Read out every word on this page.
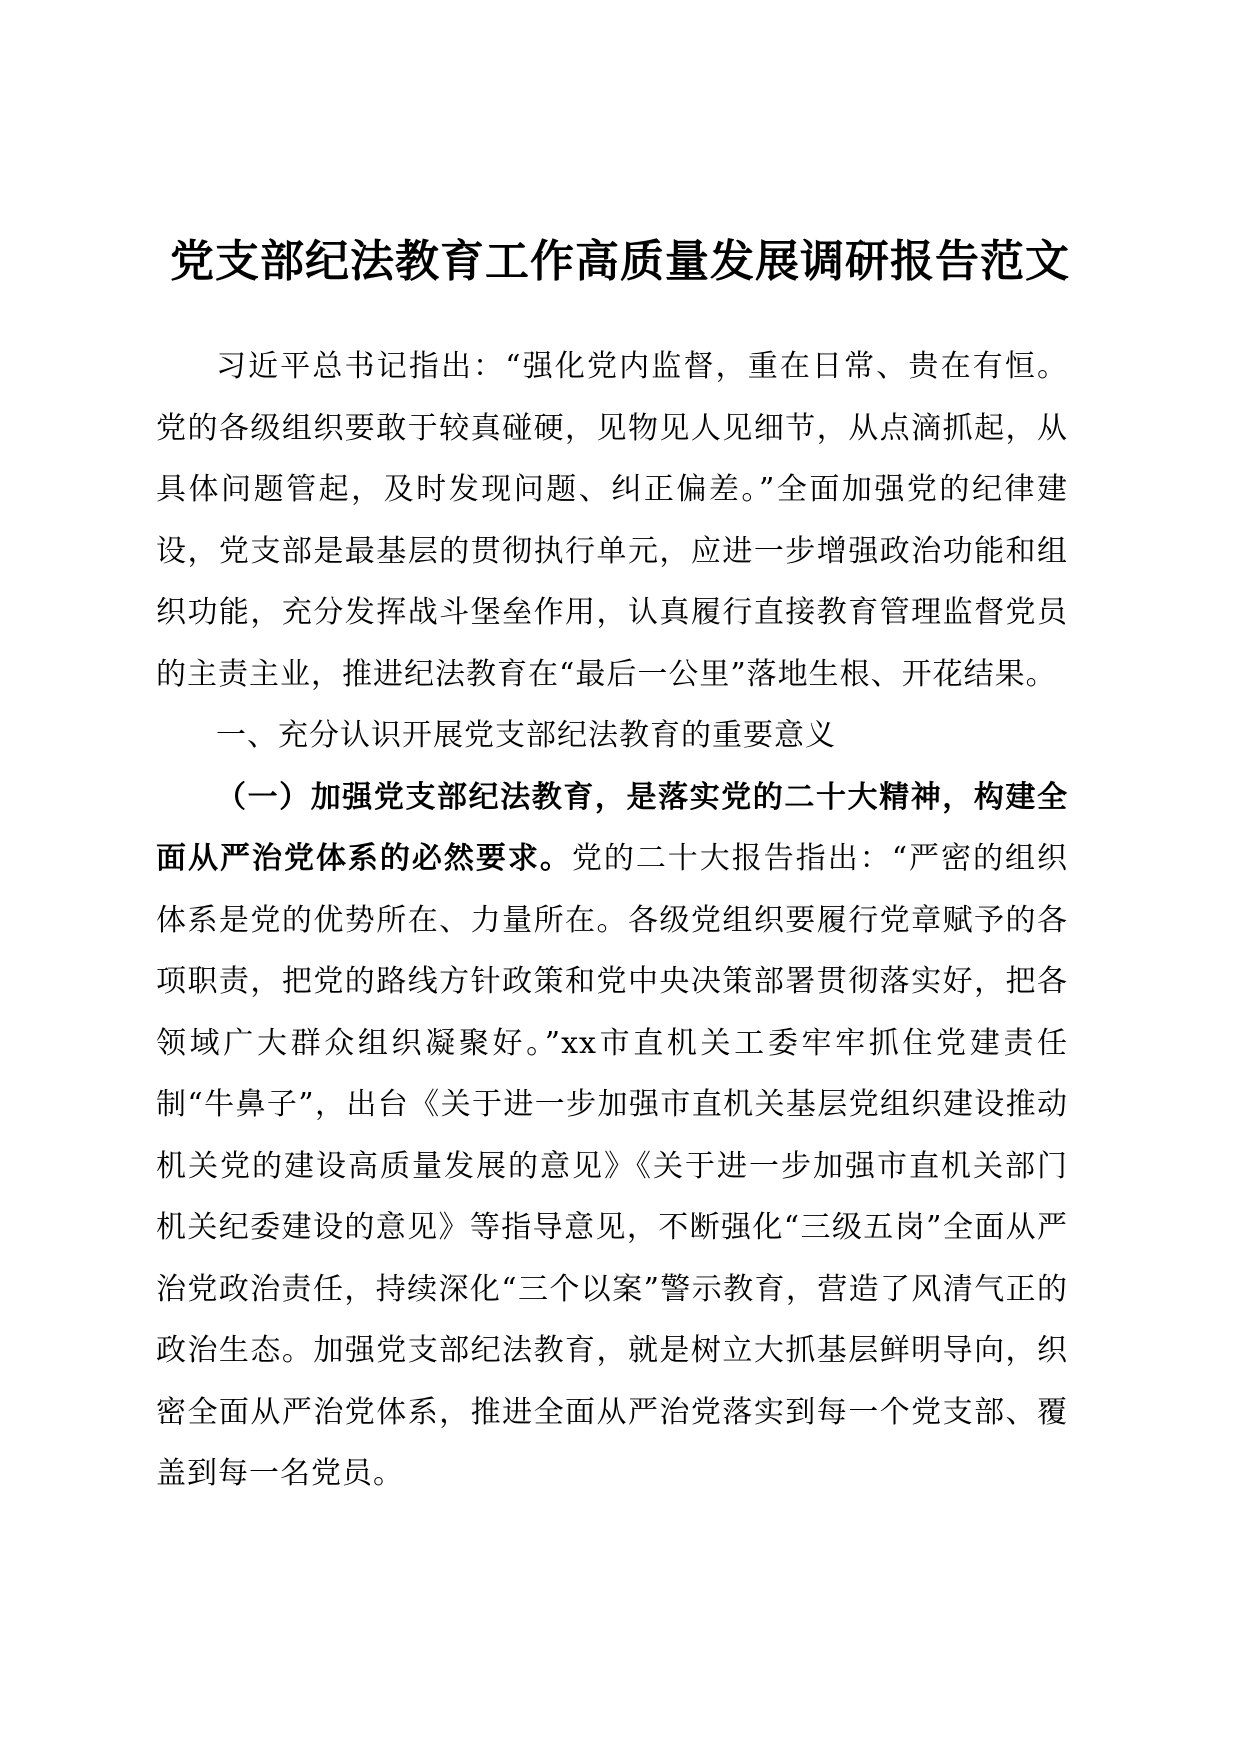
党支部纪法教育工作高质量发展调研报告范文

习近平总书记指出：“强化党内监督，重在日常、贵在有恒。党的各级组织要敢于较真碰硬，见物见人见细节，从点滴抓起，从具体问题管起，及时发现问题、纠正偏差。”全面加强党的纪律建设，党支部是最基层的贯彻执行单元，应进一步增强政治功能和组织功能，充分发挥战斗堡垒作用，认真履行直接教育管理监督党员的主责主业，推进纪法教育在“最后一公里”落地生根、开花结果。

一、充分认识开展党支部纪法教育的重要意义

（一）加强党支部纪法教育，是落实党的二十大精神，构建全面从严治党体系的必然要求。党的二十大报告指出：“严密的组织体系是党的优势所在、力量所在。各级党组织要履行党章赋予的各项职责，把党的路线方针政策和党中央决策部署贯彻落实好，把各领域广大群众组织凝聚好。”xx市直机关工委牢牢抓住党建责任制“牛鼻子”，出台《关于进一步加强市直机关基层党组织建设推动机关党的建设高质量发展的意见》《关于进一步加强市直机关部门机关纪委建设的意见》等指导意见，不断强化“三级五岗”全面从严治党政治责任，持续深化“三个以案”警示教育，营造了风清气正的政治生态。加强党支部纪法教育，就是树立大抓基层鲜明导向，织密全面从严治党体系，推进全面从严治党落实到每一个党支部、覆盖到每一名党员。
